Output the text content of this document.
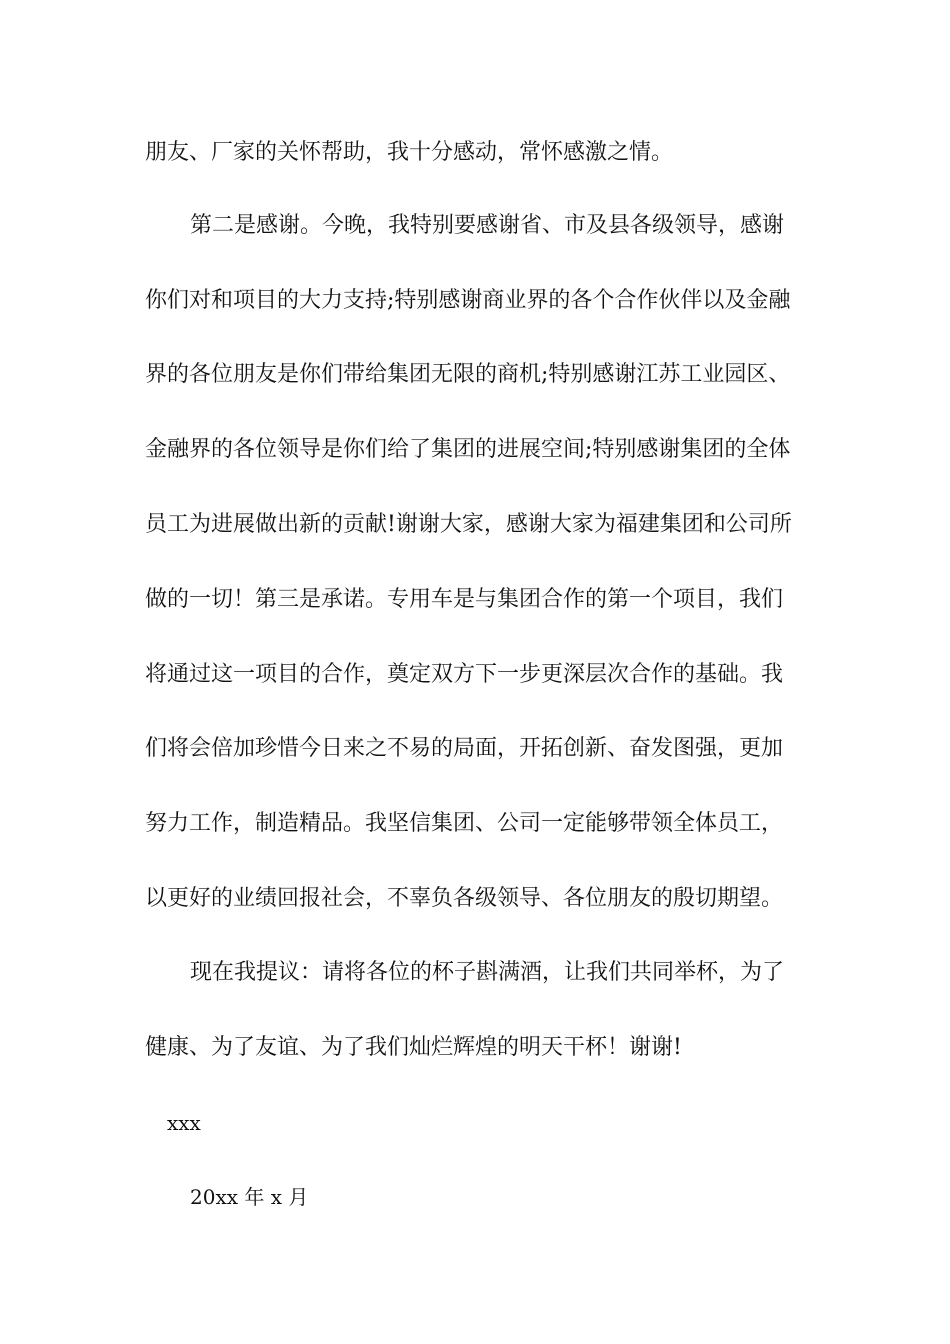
朋友、厂家的关怀帮助，我十分感动，常怀感激之情。
第二是感谢。今晚，我特别要感谢省、市及县各级领导，感谢
你们对和项目的大力支持;特别感谢商业界的各个合作伙伴以及金融
界的各位朋友是你们带给集团无限的商机;特别感谢江苏工业园区、
金融界的各位领导是你们给了集团的进展空间;特别感谢集团的全体
员工为进展做出新的贡献!谢谢大家，感谢大家为福建集团和公司所
做的一切！第三是承诺。专用车是与集团合作的第一个项目，我们
将通过这一项目的合作，奠定双方下一步更深层次合作的基础。我
们将会倍加珍惜今日来之不易的局面，开拓创新、奋发图强，更加
努力工作，制造精品。我坚信集团、公司一定能够带领全体员工，
以更好的业绩回报社会，不辜负各级领导、各位朋友的殷切期望。
现在我提议：请将各位的杯子斟满酒，让我们共同举杯，为了
健康、为了友谊、为了我们灿烂辉煌的明天干杯！谢谢!
xxx
20xx 年 x 月
